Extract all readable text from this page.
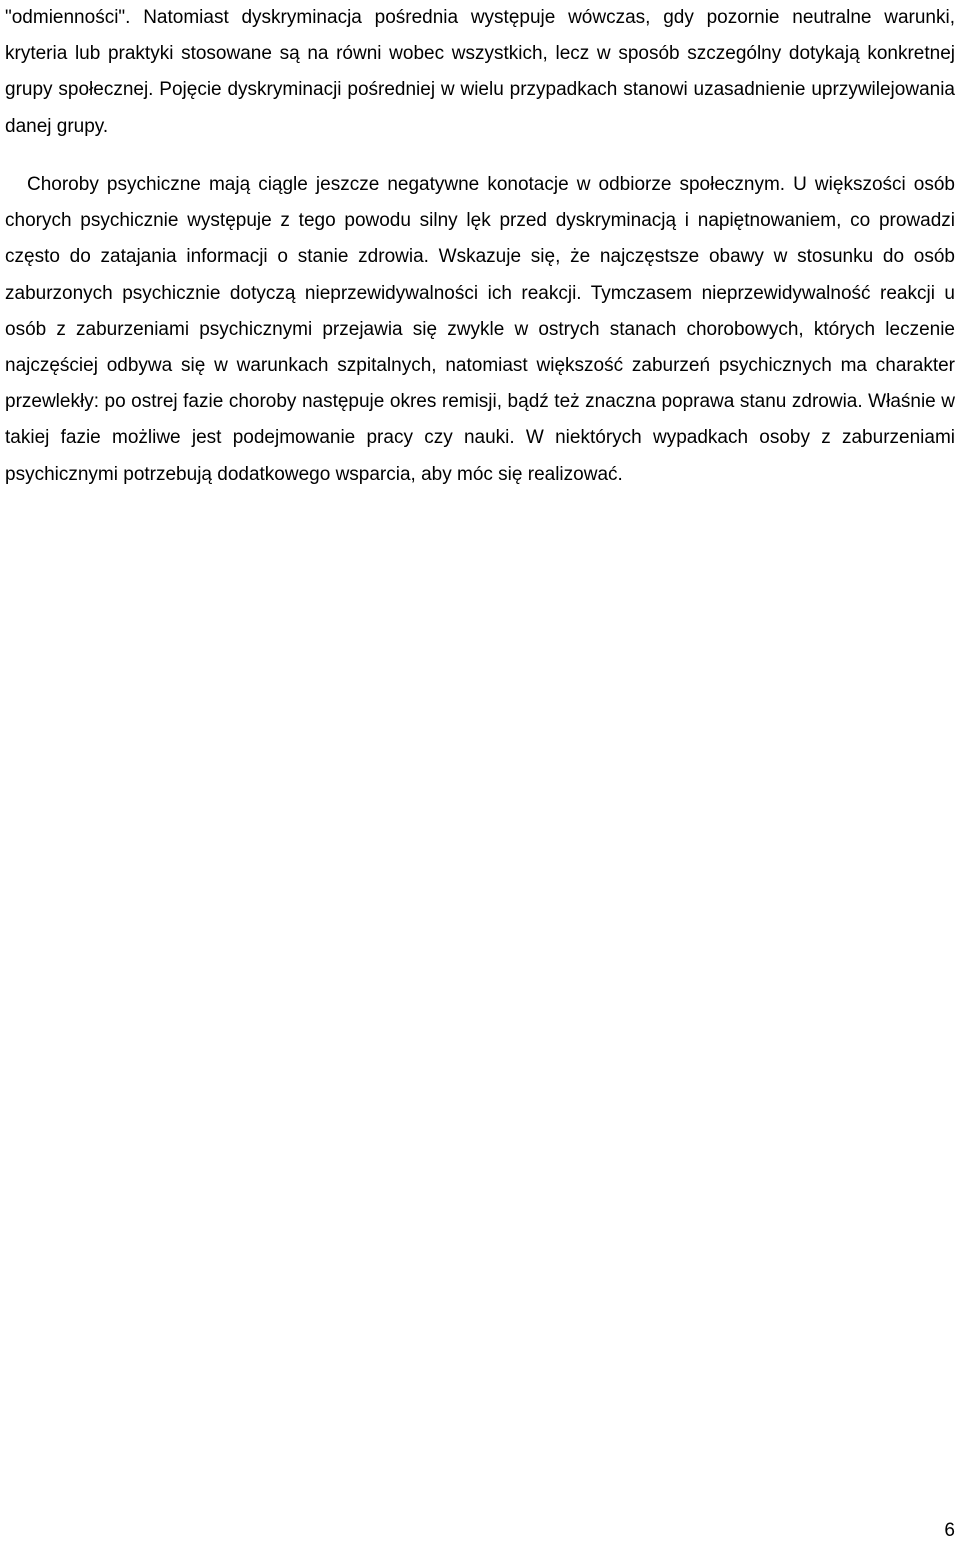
"odmienności". Natomiast dyskryminacja pośrednia występuje wówczas, gdy pozornie neutralne warunki, kryteria lub praktyki stosowane są na równi wobec wszystkich, lecz w sposób szczególny dotykają konkretnej grupy społecznej. Pojęcie dyskryminacji pośredniej w wielu przypadkach stanowi uzasadnienie uprzywilejowania danej grupy.

Choroby psychiczne mają ciągle jeszcze negatywne konotacje w odbiorze społecznym. U większości osób chorych psychicznie występuje z tego powodu silny lęk przed dyskryminacją i napiętnowaniem, co prowadzi często do zatajania informacji o stanie zdrowia. Wskazuje się, że najczęstsze obawy w stosunku do osób zaburzonych psychicznie dotyczą nieprzewidywalności ich reakcji. Tymczasem nieprzewidywalność reakcji u osób z zaburzeniami psychicznymi przejawia się zwykle w ostrych stanach chorobowych, których leczenie najczęściej odbywa się w warunkach szpitalnych, natomiast większość zaburzeń psychicznych ma charakter przewlekły: po ostrej fazie choroby następuje okres remisji, bądź też znaczna poprawa stanu zdrowia. Właśnie w takiej fazie możliwe jest podejmowanie pracy czy nauki. W niektórych wypadkach osoby z zaburzeniami psychicznymi potrzebują dodatkowego wsparcia, aby móc się realizować.

6
